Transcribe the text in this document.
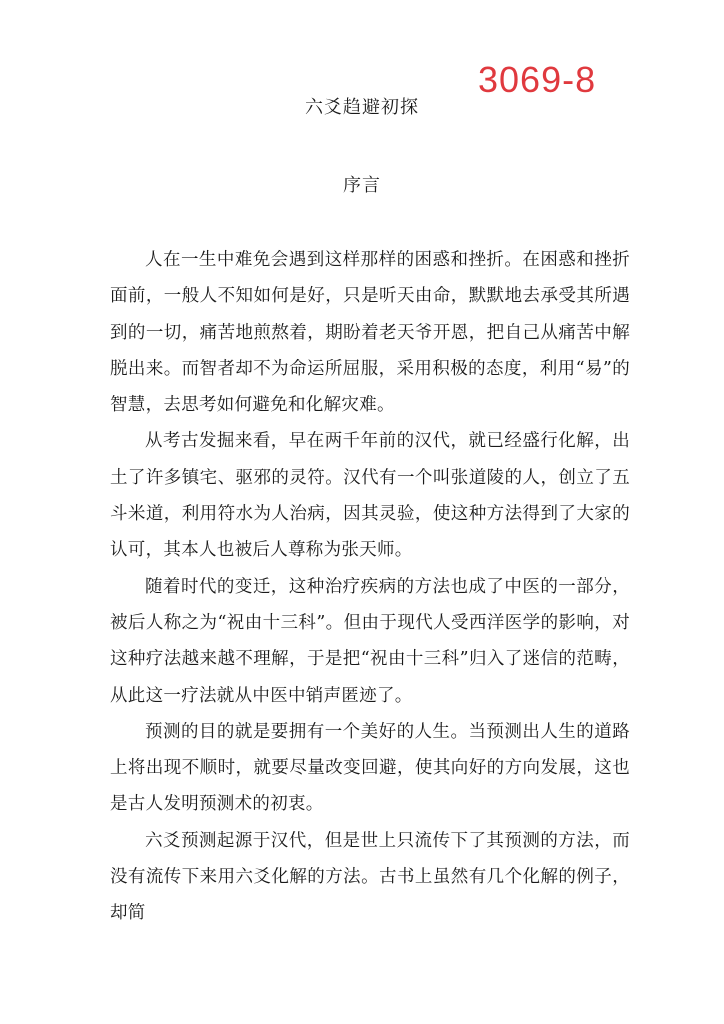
3069-8
六爻趋避初探
序言

人在一生中难免会遇到这样那样的困惑和挫折。在困惑和挫折面前，一般人不知如何是好，只是听天由命，默默地去承受其所遇到的一切，痛苦地煎熬着，期盼着老天爷开恩，把自己从痛苦中解脱出来。而智者却不为命运所屈服，采用积极的态度，利用“易”的智慧，去思考如何避免和化解灾难。

从考古发掘来看，早在两千年前的汉代，就已经盛行化解，出土了许多镇宅、驱邪的灵符。汉代有一个叫张道陵的人，创立了五斗米道，利用符水为人治病，因其灵验，使这种方法得到了大家的认可，其本人也被后人尊称为张天师。

随着时代的变迁，这种治疗疾病的方法也成了中医的一部分，被后人称之为“祝由十三科”。但由于现代人受西洋医学的影响，对这种疗法越来越不理解，于是把“祝由十三科”归入了迷信的范畴，从此这一疗法就从中医中销声匿迹了。

预测的目的就是要拥有一个美好的人生。当预测出人生的道路上将出现不顺时，就要尽量改变回避，使其向好的方向发展，这也是古人发明预测术的初衷。

六爻预测起源于汉代，但是世上只流传下了其预测的方法，而没有流传下来用六爻化解的方法。古书上虽然有几个化解的例子，却简
